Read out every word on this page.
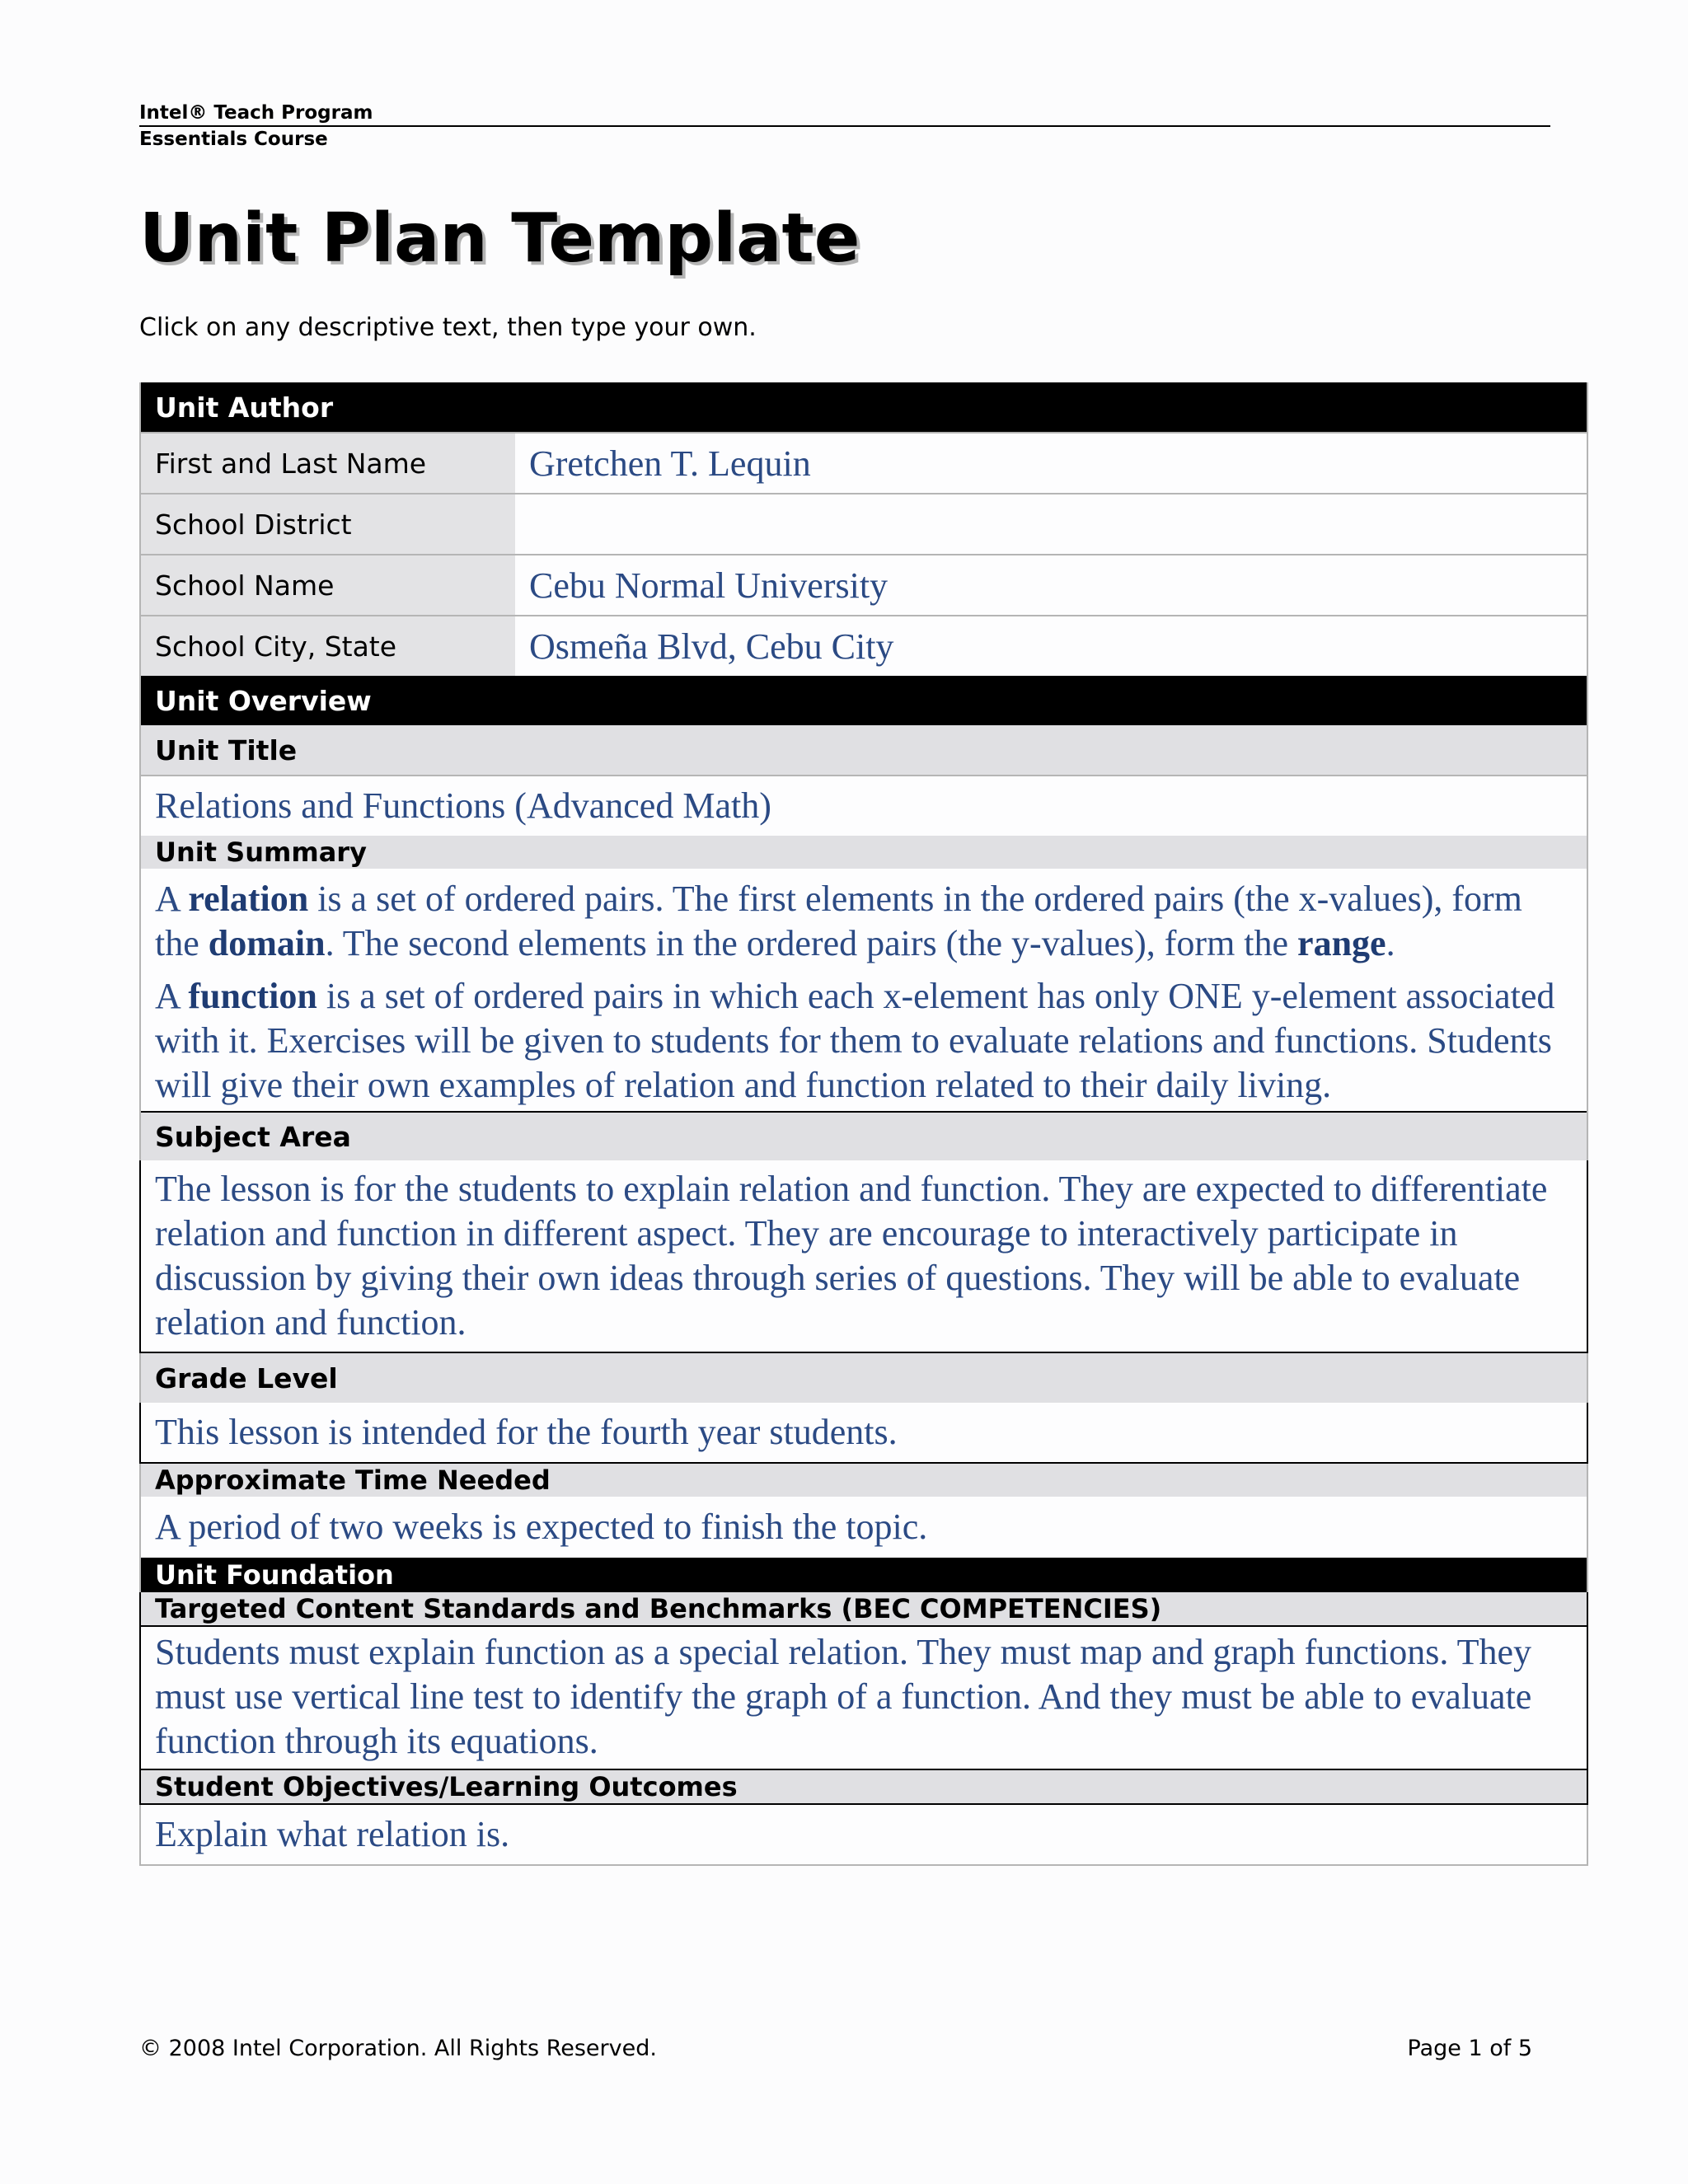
Intel® Teach Program
Essentials Course
Unit Plan Template
Click on any descriptive text, then type your own.
Unit Author
First and Last Name	Gretchen T. Lequin
School District
School Name	Cebu Normal University
School City, State	Osmeña Blvd, Cebu City
Unit Overview
Unit Title
Relations and Functions (Advanced Math)
Unit Summary
A relation is a set of ordered pairs. The first elements in the ordered pairs (the x-values), form the domain. The second elements in the ordered pairs (the y-values), form the range.
A function is a set of ordered pairs in which each x-element has only ONE y-element associated with it. Exercises will be given to students for them to evaluate relations and functions. Students will give their own examples of relation and function related to their daily living.
Subject Area
The lesson is for the students to explain relation and function. They are expected to differentiate relation and function in different aspect. They are encourage to interactively participate in discussion by giving their own ideas through series of questions. They will be able to evaluate relation and function.
Grade Level
This lesson is intended for the fourth year students.
Approximate Time Needed
A period of two weeks is expected to finish the topic.
Unit Foundation
Targeted Content Standards and Benchmarks (BEC COMPETENCIES)
Students must explain function as a special relation. They must map and graph functions. They must use vertical line test to identify the graph of a function. And they must be able to evaluate function through its equations.
Student Objectives/Learning Outcomes
Explain what relation is.
© 2008 Intel Corporation. All Rights Reserved.	Page 1 of 5
